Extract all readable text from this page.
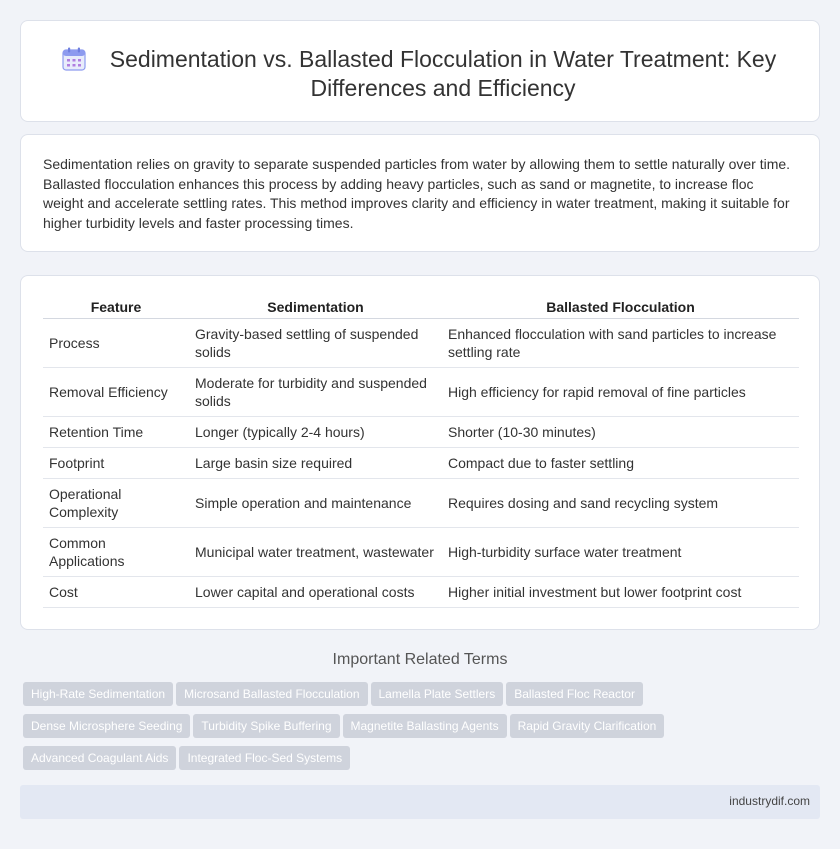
Sedimentation vs. Ballasted Flocculation in Water Treatment: Key Differences and Efficiency

Sedimentation relies on gravity to separate suspended particles from water by allowing them to settle naturally over time. Ballasted flocculation enhances this process by adding heavy particles, such as sand or magnetite, to increase floc weight and accelerate settling rates. This method improves clarity and efficiency in water treatment, making it suitable for higher turbidity levels and faster processing times.

Feature	Sedimentation	Ballasted Flocculation
Process	Gravity-based settling of suspended solids	Enhanced flocculation with sand particles to increase settling rate
Removal Efficiency	Moderate for turbidity and suspended solids	High efficiency for rapid removal of fine particles
Retention Time	Longer (typically 2-4 hours)	Shorter (10-30 minutes)
Footprint	Large basin size required	Compact due to faster settling
Operational Complexity	Simple operation and maintenance	Requires dosing and sand recycling system
Common Applications	Municipal water treatment, wastewater	High-turbidity surface water treatment
Cost	Lower capital and operational costs	Higher initial investment but lower footprint cost
Important Related Terms
High-Rate Sedimentation Microsand Ballasted Flocculation Lamella Plate Settlers Ballasted Floc Reactor
Dense Microsphere Seeding Turbidity Spike Buffering Magnetite Ballasting Agents Rapid Gravity Clarification
Advanced Coagulant Aids Integrated Floc-Sed Systems
industrydif.com
